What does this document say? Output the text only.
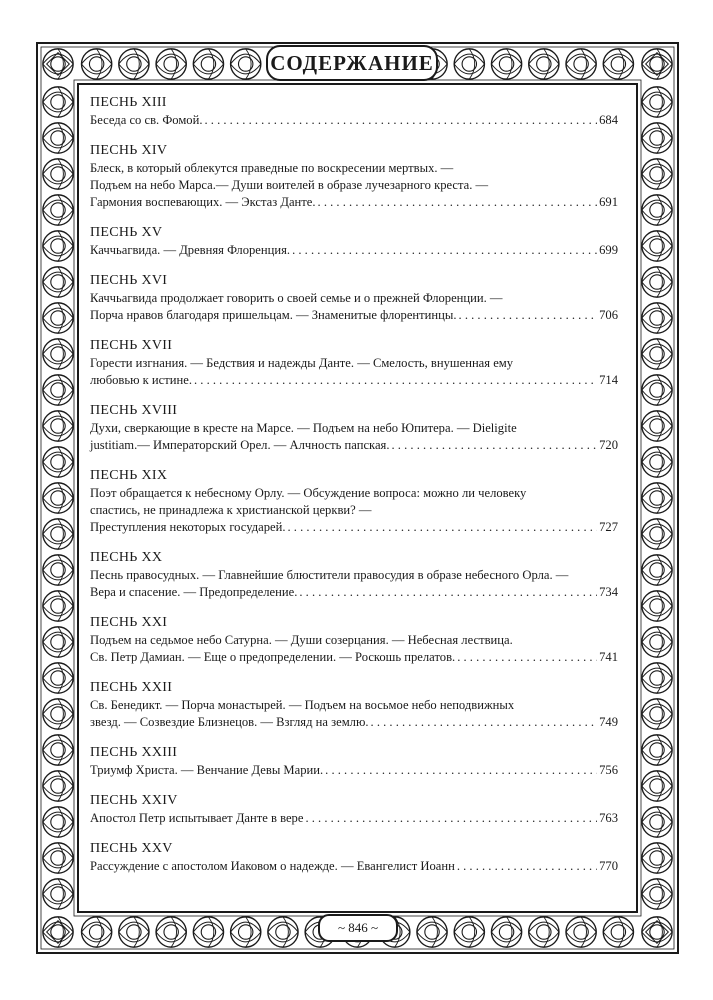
СОДЕРЖАНИЕ
ПЕСНЬ XIII
Беседа со св. Фомой. . . .	684
ПЕСНЬ XIV
Блеск, в который облекутся праведные по воскресении мертвых. —
Подъем на небо Марса.— Души воителей в образе лучезарного креста. —
Гармония воспевающих. — Экстаз Данте. . . .	691
ПЕСНЬ XV
Каччьагвида. — Древняя Флоренция. . . .	699
ПЕСНЬ XVI
Каччьагвида продолжает говорить о своей семье и о прежней Флоренции. —
Порча нравов благодаря пришельцам. — Знаменитые флорентинцы. . . .	706
ПЕСНЬ XVII
Горести изгнания. — Бедствия и надежды Данте. — Смелость, внушенная ему
любовью к истине. . . .	714
ПЕСНЬ XVIII
Духи, сверкающие в кресте на Марсе. — Подъем на небо Юпитера. — Dieligite
justitiam.— Императорский Орел. — Алчность папская. . . .	720
ПЕСНЬ XIX
Поэт обращается к небесному Орлу. — Обсуждение вопроса: можно ли человеку
спастись, не принадлежа к христианской церкви? —
Преступления некоторых государей. . . .	727
ПЕСНЬ XX
Песнь правосудных. — Главнейшие блюстители правосудия в образе небесного Орла. —
Вера и спасение. — Предопределение. . . .	734
ПЕСНЬ XXI
Подъем на седьмое небо Сатурна. — Души созерцания. — Небесная лествица.
Св. Петр Дамиан. — Еще о предопределении. — Роскошь прелатов. . . .	741
ПЕСНЬ XXII
Св. Бенедикт. — Порча монастырей. — Подъем на восьмое небо неподвижных
звезд. — Созвездие Близнецов. — Взгляд на землю. . . .	749
ПЕСНЬ XXIII
Триумф Христа. — Венчание Девы Марии. . . .	756
ПЕСНЬ XXIV
Апостол Петр испытывает Данте в вере . . .	763
ПЕСНЬ XXV
Рассуждение с апостолом Иаковом о надежде. — Евангелист Иоанн . . .	770
~ 846 ~
